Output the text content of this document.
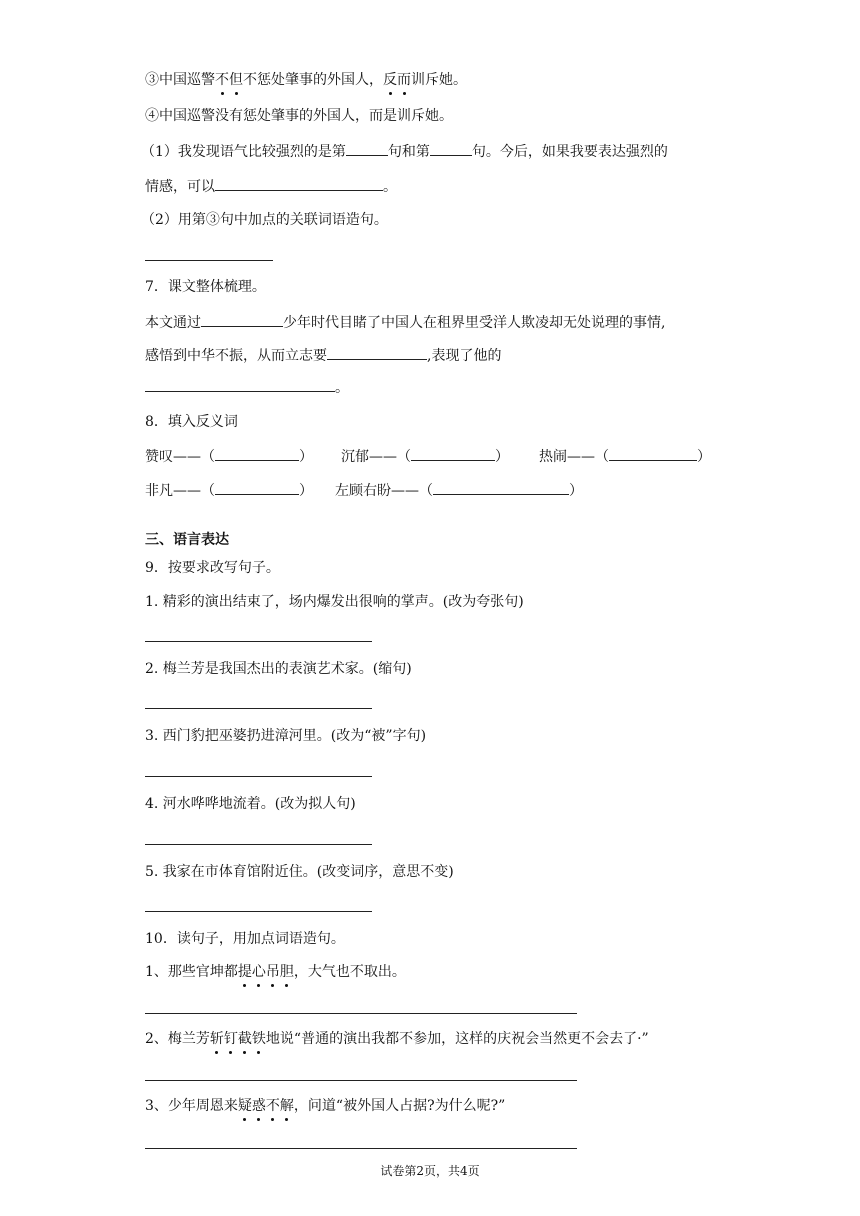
③中国巡警不但不惩处肇事的外国人，反而训斥她。
④中国巡警没有惩处肇事的外国人，而是训斥她。
（1）我发现语气比较强烈的是第	句和第	句。今后，如果我要表达强烈的
情感，可以	。
（2）用第③句中加点的关联词语造句。
7．课文整体梳理。
本文通过	少年时代目睹了中国人在租界里受洋人欺凌却无处说理的事情,
感悟到中华不振，从而立志要	,表现了他的
。
8．填入反义词
赞叹——（	） 沉郁——（	） 热闹——（	）
非凡——（	） 左顾右盼——（	）
三、语言表达
9．按要求改写句子。
1. 精彩的演出结束了，场内爆发出很响的掌声。(改为夸张句)
2. 梅兰芳是我国杰出的表演艺术家。(缩句)
3. 西门豹把巫婆扔进漳河里。(改为“被”字句)
4. 河水哗哗地流着。(改为拟人句)
5. 我家在市体育馆附近住。(改变词序，意思不变)
10．读句子，用加点词语造句。
1、那些官坤都提心吊胆，大气也不取出。
2、梅兰芳斩钉截铁地说“普通的演出我都不参加，这样的庆祝会当然更不会去了·”
3、少年周恩来疑惑不解，问道“被外国人占据?为什么呢?”
试卷第2页，共4页
